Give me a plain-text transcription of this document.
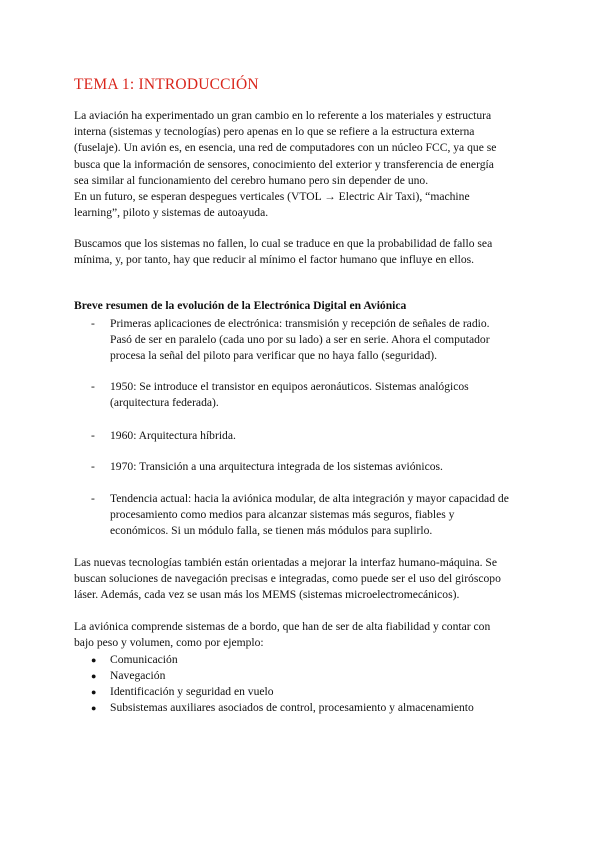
TEMA 1: INTRODUCCIÓN

La aviación ha experimentado un gran cambio en lo referente a los materiales y estructura
interna (sistemas y tecnologías) pero apenas en lo que se refiere a la estructura externa
(fuselaje). Un avión es, en esencia, una red de computadores con un núcleo FCC, ya que se
busca que la información de sensores, conocimiento del exterior y transferencia de energía
sea similar al funcionamiento del cerebro humano pero sin depender de uno.
En un futuro, se esperan despegues verticales (VTOL → Electric Air Taxi), “machine
learning”, piloto y sistemas de autoayuda.

Buscamos que los sistemas no fallen, lo cual se traduce en que la probabilidad de fallo sea
mínima, y, por tanto, hay que reducir al mínimo el factor humano que influye en ellos.

Breve resumen de la evolución de la Electrónica Digital en Aviónica
- Primeras aplicaciones de electrónica: transmisión y recepción de señales de radio.
Pasó de ser en paralelo (cada uno por su lado) a ser en serie. Ahora el computador
procesa la señal del piloto para verificar que no haya fallo (seguridad).
- 1950: Se introduce el transistor en equipos aeronáuticos. Sistemas analógicos
(arquitectura federada).
- 1960: Arquitectura híbrida.
- 1970: Transición a una arquitectura integrada de los sistemas aviónicos.
- Tendencia actual: hacia la aviónica modular, de alta integración y mayor capacidad de
procesamiento como medios para alcanzar sistemas más seguros, fiables y
económicos. Si un módulo falla, se tienen más módulos para suplirlo.

Las nuevas tecnologías también están orientadas a mejorar la interfaz humano-máquina. Se
buscan soluciones de navegación precisas e integradas, como puede ser el uso del giróscopo
láser. Además, cada vez se usan más los MEMS (sistemas microelectromecánicos).

La aviónica comprende sistemas de a bordo, que han de ser de alta fiabilidad y contar con
bajo peso y volumen, como por ejemplo:

● Comunicación
● Navegación
● Identificación y seguridad en vuelo
● Subsistemas auxiliares asociados de control, procesamiento y almacenamiento
